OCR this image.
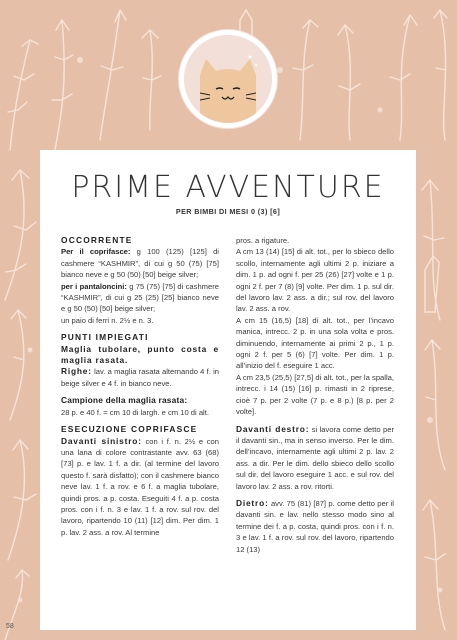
PRIME AVVENTURE
PER BIMBI DI MESI 0 (3) [6]

OCCORRENTE

Per il coprifasce: g 100 (125) [125] di cashmere “KASHMIR”, di cui g 50 (75) [75] bianco neve e g 50 (50) [50] beige silver;

per i pantaloncini: g 75 (75) [75] di cashmere “KASHMIR”, di cui g 25 (25) [25] bianco neve e g 50 (50) [50] beige silver;

un paio di ferri n. 2½ e n. 3.

PUNTI IMPIEGATI

Maglia tubolare, punto costa e maglia rasata.

Righe: lav. a maglia rasata alternando 4 f. in beige silver e 4 f. in bianco neve.

Campione della maglia rasata:

28 p. e 40 f. = cm 10 di largh. e cm 10 di alt.

ESECUZIONE COPRIFASCE

Davanti sinistro: con i f. n. 2½ e con una lana di colore contrastante avv. 63 (68) [73] p. e lav. 1 f. a dir. (al termine del lavoro questo f. sarà disfatto); con il cashmere bianco neve lav. 1 f. a rov. e 6 f. a maglia tubolare, quindi pros. a p. costa. Eseguiti 4 f. a p. costa pros. con i f. n. 3 e lav. 1 f. a rov. sul rov. del lavoro, ripartendo 10 (11) [12] dim. Per dim. 1 p. lav. 2 ass. a rov. Al termine

pros. a rigature.

A cm 13 (14) [15] di alt. tot., per lo sbieco dello scollo, internamente agli ultimi 2 p. iniziare a dim. 1 p. ad ogni f. per 25 (26) [27] volte e 1 p. ogni 2 f. per 7 (8) [9] volte. Per dim. 1 p. sul dir. del lavoro lav. 2 ass. a dir.; sul rov. del lavoro lav. 2 ass. a rov.

A cm 15 (16,5) [18] di alt. tot., per l’incavo manica, intrecc. 2 p. in una sola volta e pros. diminuendo, internamente ai primi 2 p., 1 p. ogni 2 f. per 5 (6) [7] volte. Per dim. 1 p. all’inizio del f. eseguire 1 acc.

A cm 23,5 (25,5) [27,5] di alt. tot., per la spalla, intrecc. i 14 (15) [16] p. rimasti in 2 riprese, cioè 7 p. per 2 volte (7 p. e 8 p.) [8 p. per 2 volte].

Davanti destro: si lavora come detto per il davanti sin., ma in senso inverso. Per le dim. dell’incavo, internamente agli ultimi 2 p. lav. 2 ass. a dir. Per le dim. dello sbieco dello scollo sul dir. del lavoro eseguire 1 acc. e sul rov. del lavoro lav. 2 ass. a rov. ritorti.

Dietro: avv. 75 (81) [87] p. come detto per il davanti sin. e lav. nello stesso modo sino al termine dei f. a p. costa, quindi pros. con i f. n. 3 e lav. 1 f. a rov. sul rov. del lavoro, ripartendo 12 (13)

58
